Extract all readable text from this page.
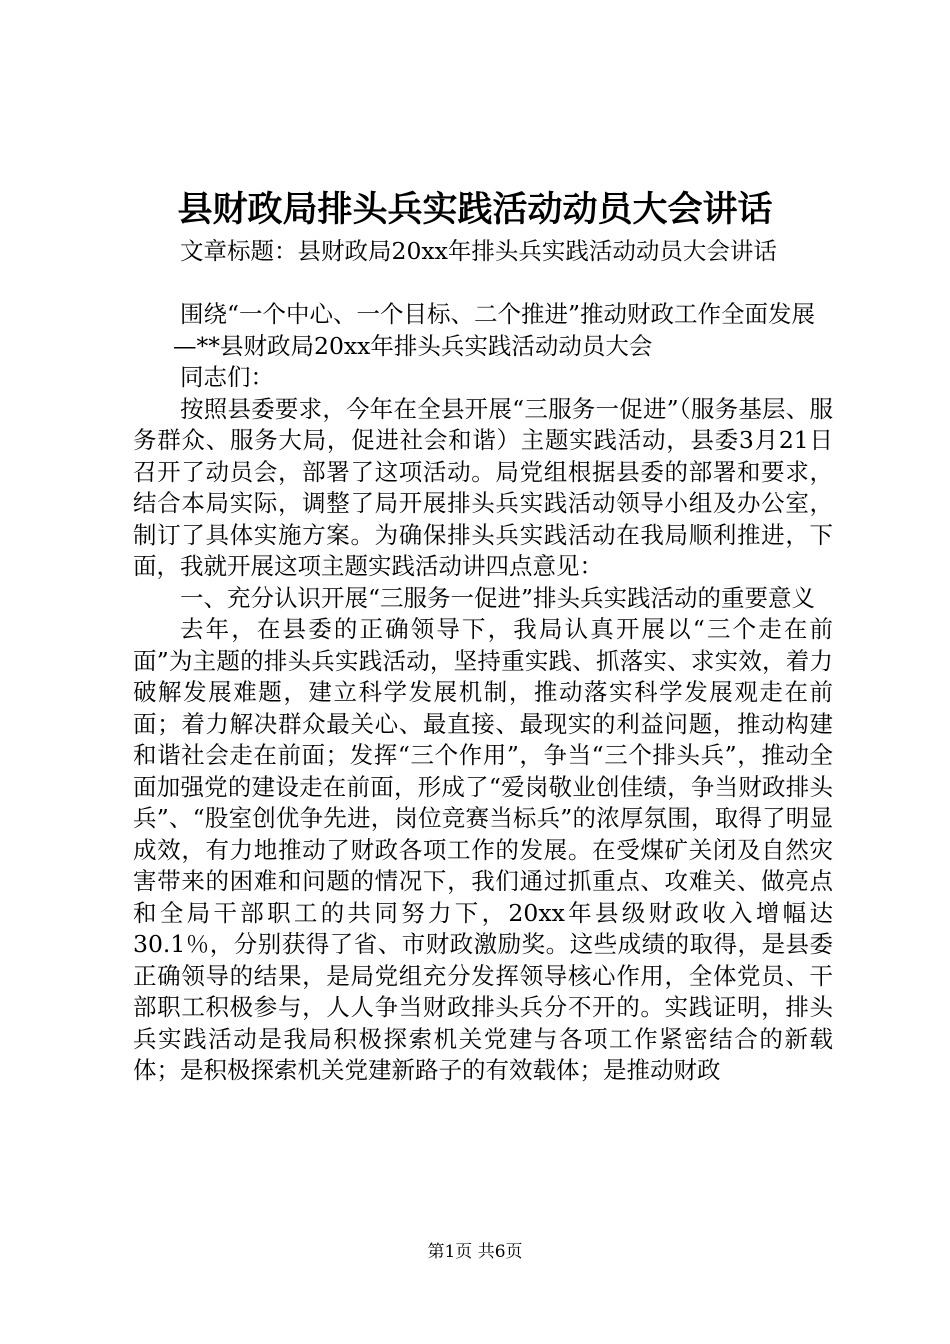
县财政局排头兵实践活动动员大会讲话

文章标题：县财政局20xx年排头兵实践活动动员大会讲话

围绕“一个中心、一个目标、二个推进”推动财政工作全面发展

—**县财政局20xx年排头兵实践活动动员大会

同志们：

按照县委要求，今年在全县开展“三服务一促进”（服务基层、服务群众、服务大局，促进社会和谐）主题实践活动，县委3月21日召开了动员会，部署了这项活动。局党组根据县委的部署和要求，结合本局实际，调整了局开展排头兵实践活动领导小组及办公室，制订了具体实施方案。为确保排头兵实践活动在我局顺利推进，下面，我就开展这项主题实践活动讲四点意见：

一、充分认识开展“三服务一促进”排头兵实践活动的重要意义

去年，在县委的正确领导下，我局认真开展以“三个走在前面”为主题的排头兵实践活动，坚持重实践、抓落实、求实效，着力破解发展难题，建立科学发展机制，推动落实科学发展观走在前面；着力解决群众最关心、最直接、最现实的利益问题，推动构建和谐社会走在前面；发挥“三个作用”，争当“三个排头兵”，推动全面加强党的建设走在前面，形成了“爱岗敬业创佳绩，争当财政排头兵”、“股室创优争先进，岗位竞赛当标兵”的浓厚氛围，取得了明显成效，有力地推动了财政各项工作的发展。在受煤矿关闭及自然灾害带来的困难和问题的情况下，我们通过抓重点、攻难关、做亮点和全局干部职工的共同努力下，20xx年县级财政收入增幅达30.1％，分别获得了省、市财政激励奖。这些成绩的取得，是县委正确领导的结果，是局党组充分发挥领导核心作用，全体党员、干部职工积极参与，人人争当财政排头兵分不开的。实践证明，排头兵实践活动是我局积极探索机关党建与各项工作紧密结合的新载体；是积极探索机关党建新路子的有效载体；是推动财政

第1页 共6页
